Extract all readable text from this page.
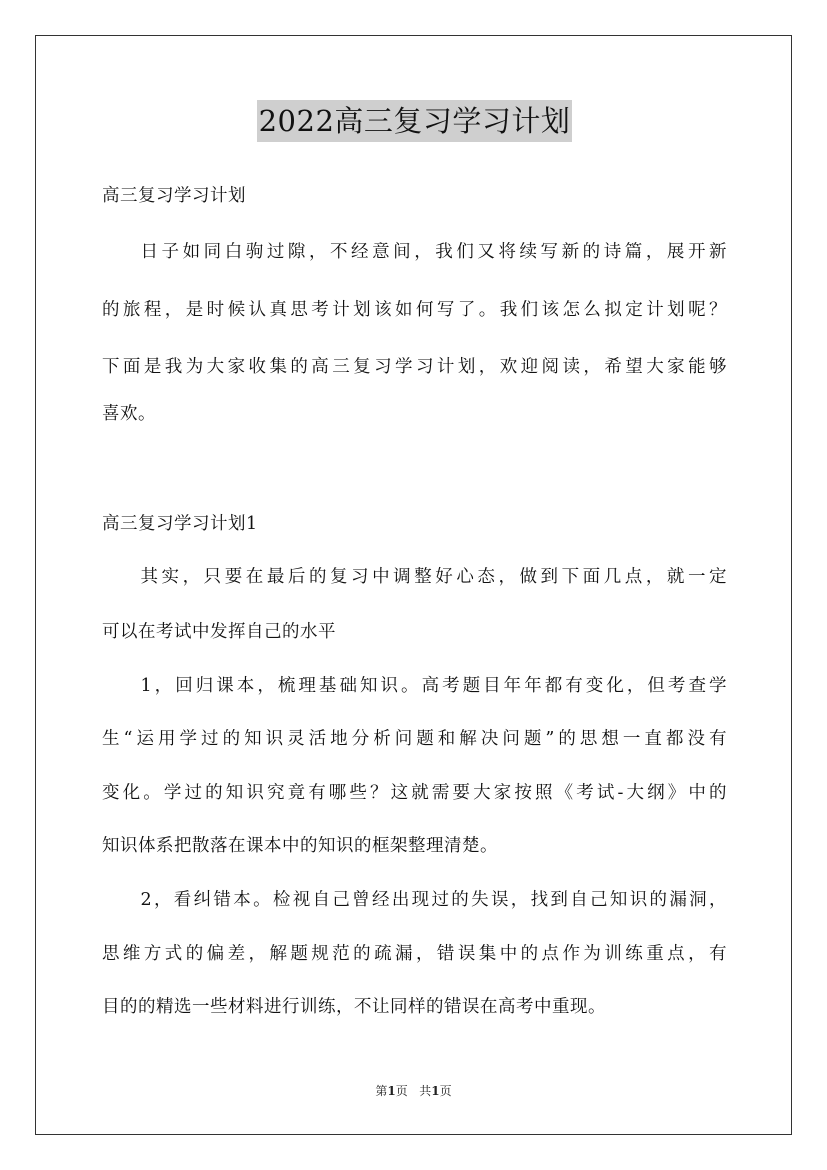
2022高三复习学习计划
高三复习学习计划
日子如同白驹过隙，不经意间，我们又将续写新的诗篇，展开新
的旅程，是时候认真思考计划该如何写了。我们该怎么拟定计划呢？
下面是我为大家收集的高三复习学习计划，欢迎阅读，希望大家能够
喜欢。
高三复习学习计划1
其实，只要在最后的复习中调整好心态，做到下面几点，就一定
可以在考试中发挥自己的水平
1，回归课本，梳理基础知识。高考题目年年都有变化，但考查学
生“运用学过的知识灵活地分析问题和解决问题”的思想一直都没有
变化。学过的知识究竟有哪些？这就需要大家按照《考试-大纲》中的
知识体系把散落在课本中的知识的框架整理清楚。
2，看纠错本。检视自己曾经出现过的失误，找到自己知识的漏洞，
思维方式的偏差，解题规范的疏漏，错误集中的点作为训练重点，有
目的的精选一些材料进行训练，不让同样的错误在高考中重现。
第1页 共1页
